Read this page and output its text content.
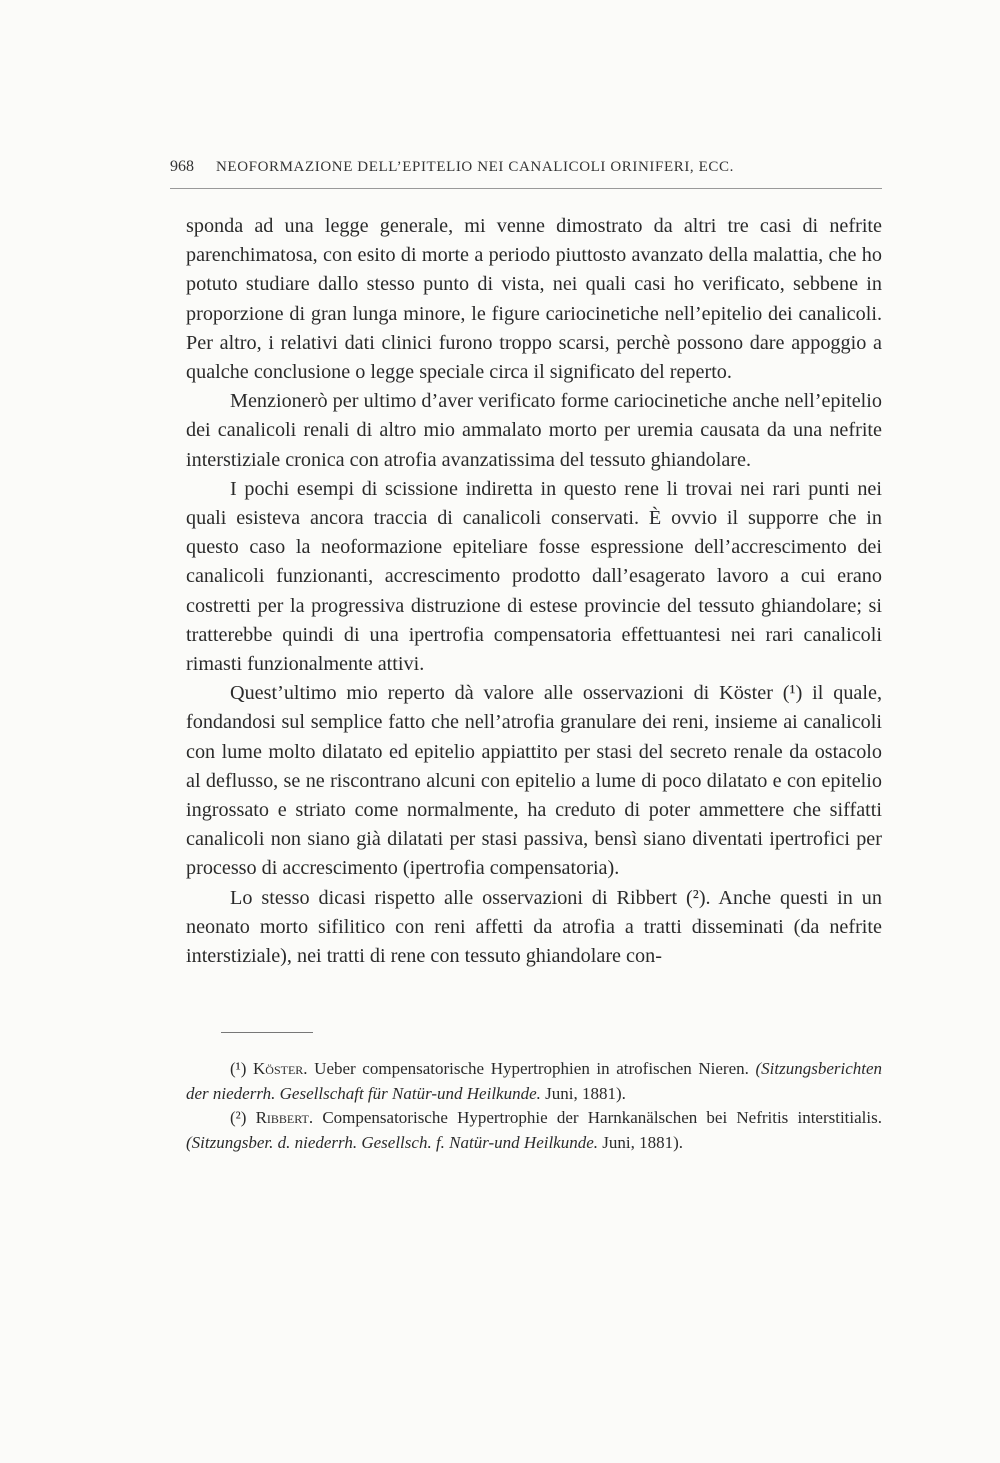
968 NEOFORMAZIONE DELL’EPITELIO NEI CANALICOLI ORINIFERI, ECC.

sponda ad una legge generale, mi venne dimostrato da altri tre casi di nefrite parenchimatosa, con esito di morte a periodo piuttosto avanzato della malattia, che ho potuto studiare dallo stesso punto di vista, nei quali casi ho verificato, sebbene in proporzione di gran lunga minore, le figure cariocinetiche nell’epitelio dei canalicoli. Per altro, i relativi dati clinici furono troppo scarsi, perchè possono dare appoggio a qualche conclusione o legge speciale circa il significato del reperto.

Menzionerò per ultimo d’aver verificato forme cariocinetiche anche nell’epitelio dei canalicoli renali di altro mio ammalato morto per uremia causata da una nefrite interstiziale cronica con atrofia avanzatissima del tessuto ghiandolare.

I pochi esempi di scissione indiretta in questo rene li trovai nei rari punti nei quali esisteva ancora traccia di canalicoli conservati. È ovvio il supporre che in questo caso la neoformazione epiteliare fosse espressione dell’accrescimento dei canalicoli funzionanti, accrescimento prodotto dall’esagerato lavoro a cui erano costretti per la progressiva distruzione di estese provincie del tessuto ghiandolare; si tratterebbe quindi di una ipertrofia compensatoria effettuantesi nei rari canalicoli rimasti funzionalmente attivi.

Quest’ultimo mio reperto dà valore alle osservazioni di Köster (¹) il quale, fondandosi sul semplice fatto che nell’atrofia granulare dei reni, insieme ai canalicoli con lume molto dilatato ed epitelio appiattito per stasi del secreto renale da ostacolo al deflusso, se ne riscontrano alcuni con epitelio a lume di poco dilatato e con epitelio ingrossato e striato come normalmente, ha creduto di poter ammettere che siffatti canalicoli non siano già dilatati per stasi passiva, bensì siano diventati ipertrofici per processo di accrescimento (ipertrofia compensatoria).

Lo stesso dicasi rispetto alle osservazioni di Ribbert (²). Anche questi in un neonato morto sifilitico con reni affetti da atrofia a tratti disseminati (da nefrite interstiziale), nei tratti di rene con tessuto ghiandolare con-

(¹) Köster. Ueber compensatorische Hypertrophien in atrofischen Nieren. (Sitzungsberichten der niederrh. Gesellschaft für Natür-und Heilkunde. Juni, 1881).

(²) Ribbert. Compensatorische Hypertrophie der Harnkanälschen bei Nefritis interstitialis. (Sitzungsber. d. niederrh. Gesellsch. f. Natür-und Heilkunde. Juni, 1881).
